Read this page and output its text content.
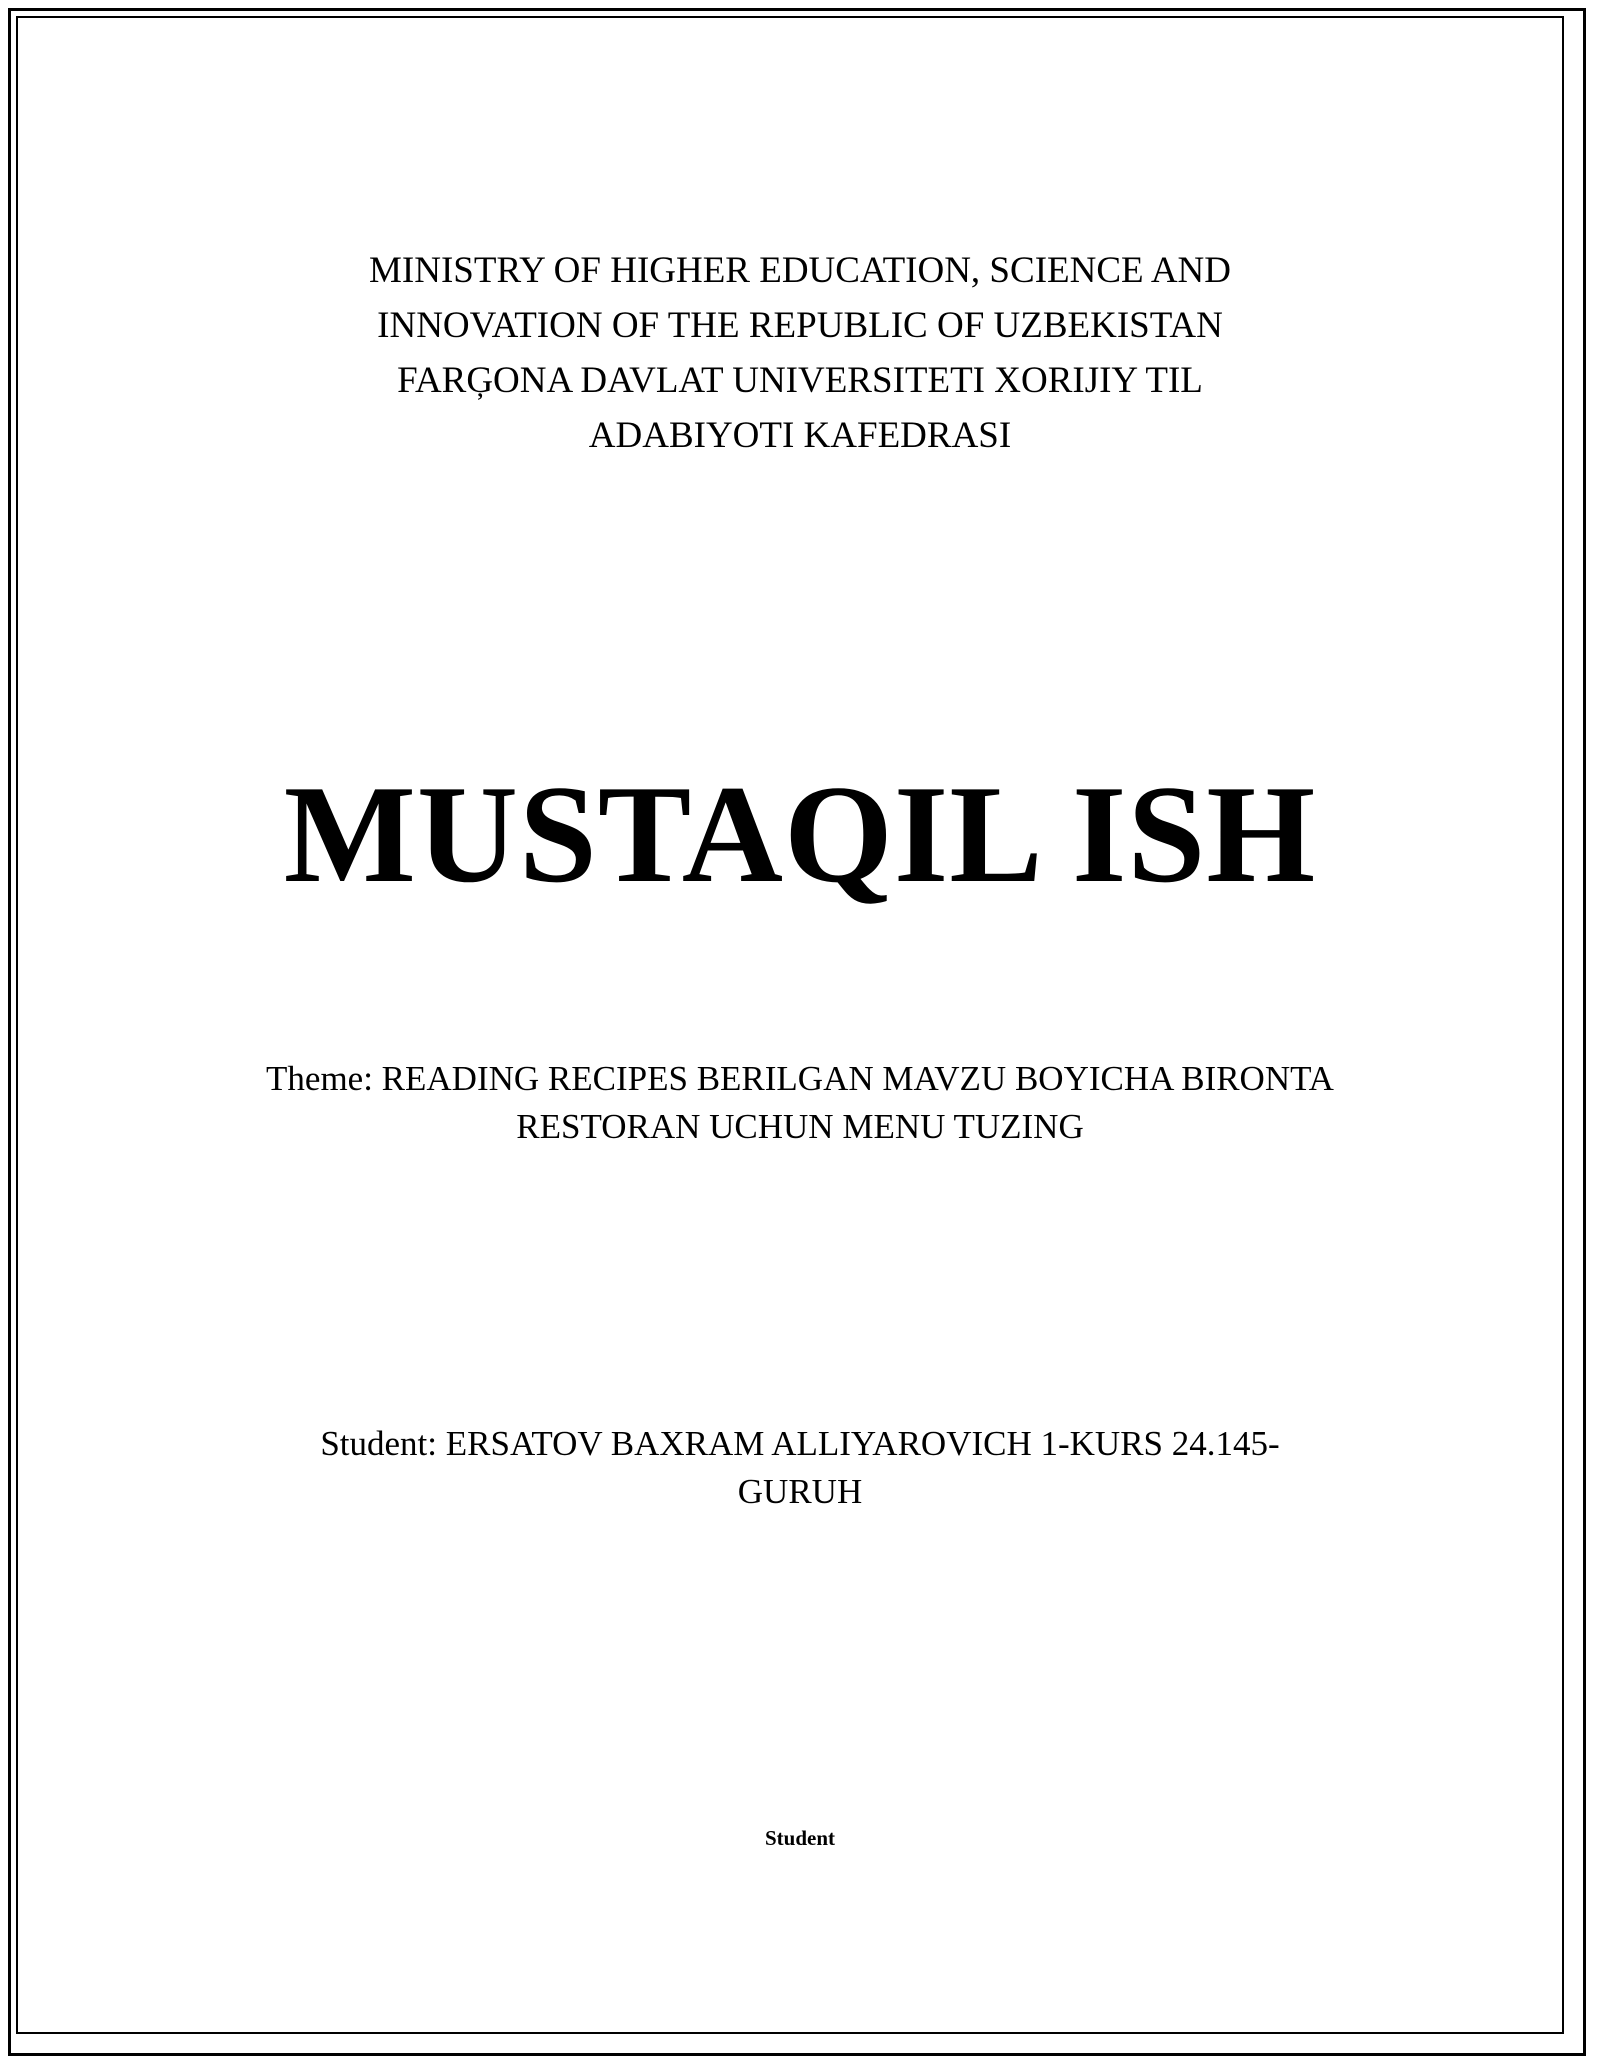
MINISTRY OF HIGHER EDUCATION, SCIENCE AND
INNOVATION OF THE REPUBLIC OF UZBEKISTAN
FARĢONA DAVLAT UNIVERSITETI XORIJIY TIL
ADABIYOTI KAFEDRASI
MUSTAQIL ISH
Theme: READING RECIPES BERILGAN MAVZU BOYICHA BIRONTA
RESTORAN UCHUN MENU TUZING
Student: ERSATOV BAXRAM ALLIYAROVICH 1-KURS 24.145-
GURUH
Student
